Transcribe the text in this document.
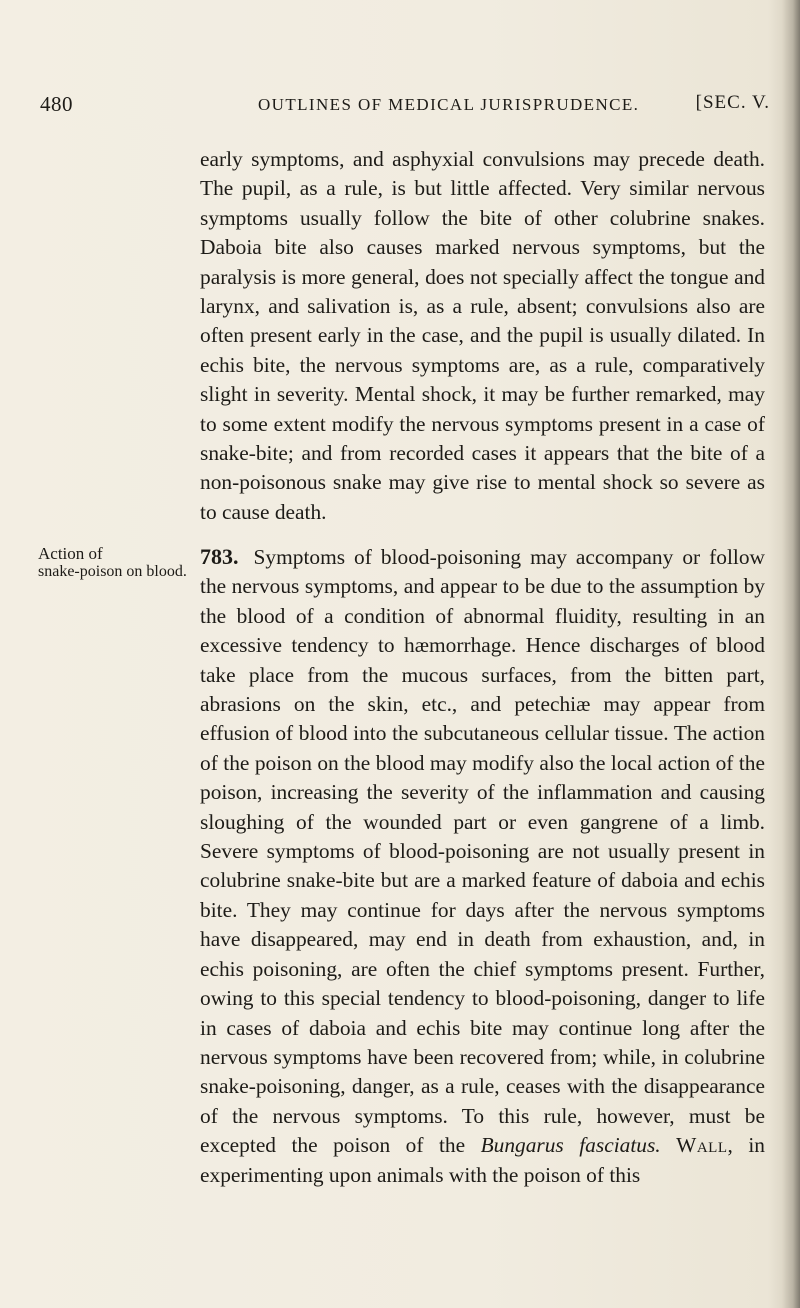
480	OUTLINES OF MEDICAL JURISPRUDENCE.	[SEC. V.
early symptoms, and asphyxial convulsions may precede death. The pupil, as a rule, is but little affected. Very similar nervous symptoms usually follow the bite of other colubrine snakes. Daboia bite also causes marked nervous symptoms, but the paralysis is more general, does not specially affect the tongue and larynx, and salivation is, as a rule, absent; convulsions also are often present early in the case, and the pupil is usually dilated. In echis bite, the nervous symptoms are, as a rule, comparatively slight in severity. Mental shock, it may be further remarked, may to some extent modify the nervous symptoms present in a case of snake-bite; and from recorded cases it appears that the bite of a non-poisonous snake may give rise to mental shock so severe as to cause death.
Action of
snake-poison on blood.
783. Symptoms of blood-poisoning may accompany or follow the nervous symptoms, and appear to be due to the assumption by the blood of a condition of abnormal fluidity, resulting in an excessive tendency to hæmorrhage. Hence discharges of blood take place from the mucous surfaces, from the bitten part, abrasions on the skin, etc., and petechiæ may appear from effusion of blood into the subcutaneous cellular tissue. The action of the poison on the blood may modify also the local action of the poison, increasing the severity of the inflammation and causing sloughing of the wounded part or even gangrene of a limb. Severe symptoms of blood-poisoning are not usually present in colubrine snake-bite but are a marked feature of daboia and echis bite. They may continue for days after the nervous symptoms have disappeared, may end in death from exhaustion, and, in echis poisoning, are often the chief symptoms present. Further, owing to this special tendency to blood-poisoning, danger to life in cases of daboia and echis bite may continue long after the nervous symptoms have been recovered from; while, in colubrine snake-poisoning, danger, as a rule, ceases with the disappearance of the nervous symptoms. To this rule, however, must be excepted the poison of the Bungarus fasciatus. Wall, in experimenting upon animals with the poison of this
